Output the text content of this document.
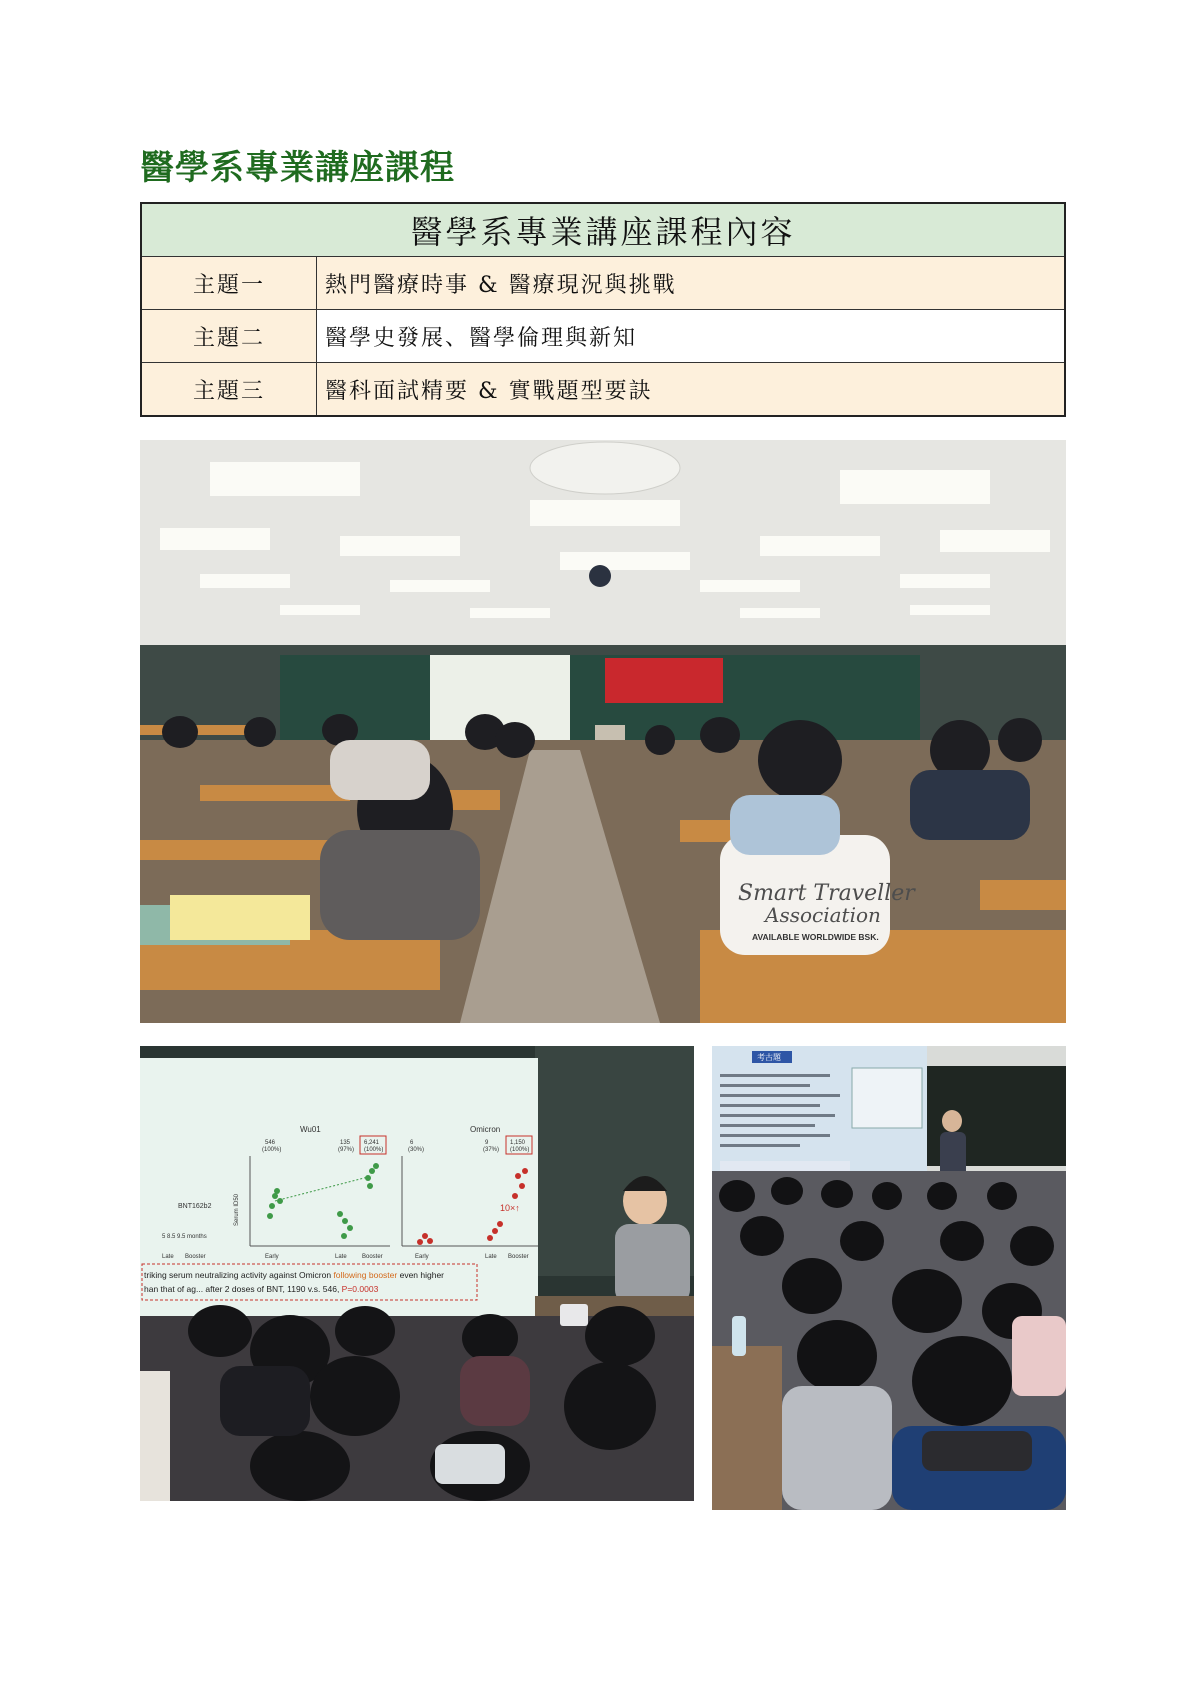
醫學系專業講座課程
醫學系專業講座課程內容	
主題一	熱門醫療時事 & 醫療現況與挑戰
主題二	醫學史發展、醫學倫理與新知
主題三	醫科面試精要 & 實戰題型要訣
Smart Traveller
Association
AVAILABLE WORLDWIDE BSK.
Wu01	Omicron
546
(100%)
135
(97%)
6,241
(100%)
6
(30%)
9
(37%)
1,150
(100%)
BNT162b2
5 8.5 9.5 months
Serum ID50	10×↑
Late Booster	Early	Late	Booster	Early	Late Booster
triking serum neutralizing activity against Omicron following booster even higher
han that of ag... after 2 doses of BNT, 1190 v.s. 546, P=0.0003
考古題
